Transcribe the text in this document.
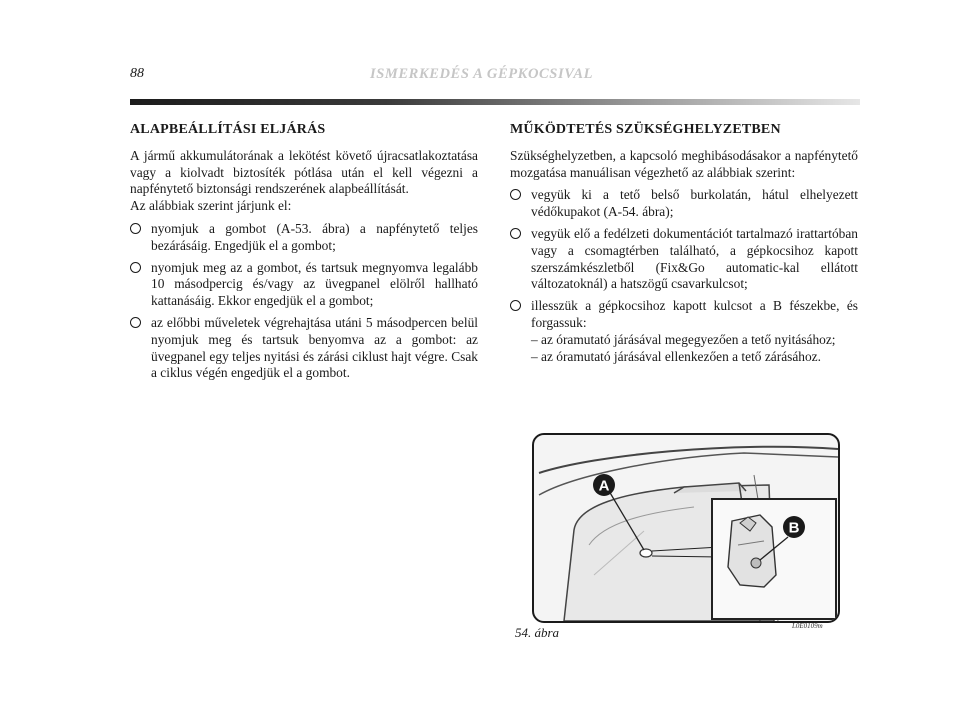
88	ISMERKEDÉS A GÉPKOCSIVAL
ALAPBEÁLLÍTÁSI ELJÁRÁS

A jármű akkumulátorának a lekötést követő újracsatlakoztatása vagy a kiolvadt biztosíték pótlása után el kell végezni a napfénytető biztonsági rendszerének alapbeállítását.

Az alábbiak szerint járjunk el:

nyomjuk a gombot (A-53. ábra) a napfénytető teljes bezárásáig. Engedjük el a gombot;
nyomjuk meg az a gombot, és tartsuk megnyomva legalább 10 másodpercig és/vagy az üvegpanel elölről hallható kattanásáig. Ekkor engedjük el a gombot;
az előbbi műveletek végrehajtása utáni 5 másodpercen belül nyomjuk meg és tartsuk benyomva az a gombot: az üvegpanel egy teljes nyitási és zárási ciklust hajt végre. Csak a ciklus végén engedjük el a gombot.
MŰKÖDTETÉS SZÜKSÉGHELYZETBEN

Szükséghelyzetben, a kapcsoló meghibásodásakor a napfénytető mozgatása manuálisan végezhető az alábbiak szerint:

vegyük ki a tető belső burkolatán, hátul elhelyezett védőkupakot (A-54. ábra);
vegyük elő a fedélzeti dokumentációt tartalmazó irattartóban vagy a csomagtérben található, a gépkocsihoz kapott szerszámkészletből (Fix&Go automatic-kal ellátott változatoknál) a hatszögű csavarkulcsot;
illesszük a gépkocsihoz kapott kulcsot a B fészekbe, és forgassuk:
– az óramutató járásával megegyezően a tető nyitásához;
– az óramutató járásával ellenkezően a tető zárásához.
A
B
54. ábra	L0E0109m
